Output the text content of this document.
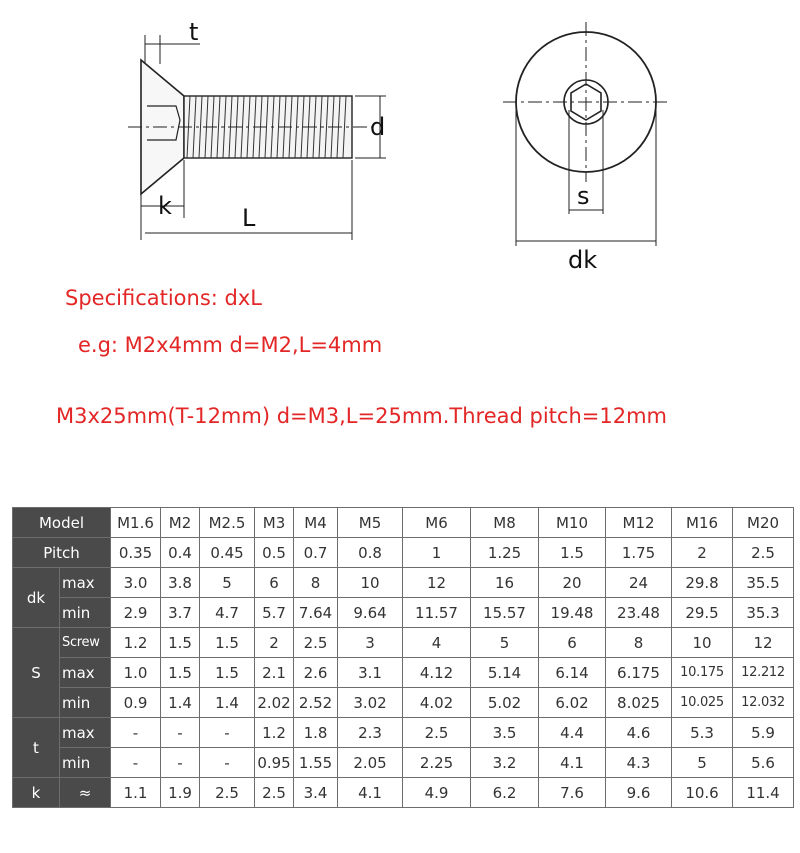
t
d
k	L
s
dk
Specifications: dxL
e.g: M2x4mm d=M2,L=4mm
M3x25mm(T-12mm) d=M3,L=25mm.Thread pitch=12mm
Model		M1.6	M2	M2.5	M3	M4	M5	M6	M8	M10	M12	M16	M20
Pitch		0.35	0.4	0.45	0.5	0.7	0.8	1	1.25	1.5	1.75	2	2.5
dk	max	3.0	3.8	5	6	8	10	12	16	20	24	29.8	35.5
	min	2.9	3.7	4.7	5.7	7.64	9.64	11.57	15.57	19.48	23.48	29.5	35.3
S	Screw	1.2	1.5	1.5	2	2.5	3	4	5	6	8	10	12
	max	1.0	1.5	1.5	2.1	2.6	3.1	4.12	5.14	6.14	6.175	10.175	12.212
	min	0.9	1.4	1.4	2.02	2.52	3.02	4.02	5.02	6.02	8.025	10.025	12.032
t	max	-	-	-	1.2	1.8	2.3	2.5	3.5	4.4	4.6	5.3	5.9
	min	-	-	-	0.95	1.55	2.05	2.25	3.2	4.1	4.3	5	5.6
k	≈	1.1	1.9	2.5	2.5	3.4	4.1	4.9	6.2	7.6	9.6	10.6	11.4
